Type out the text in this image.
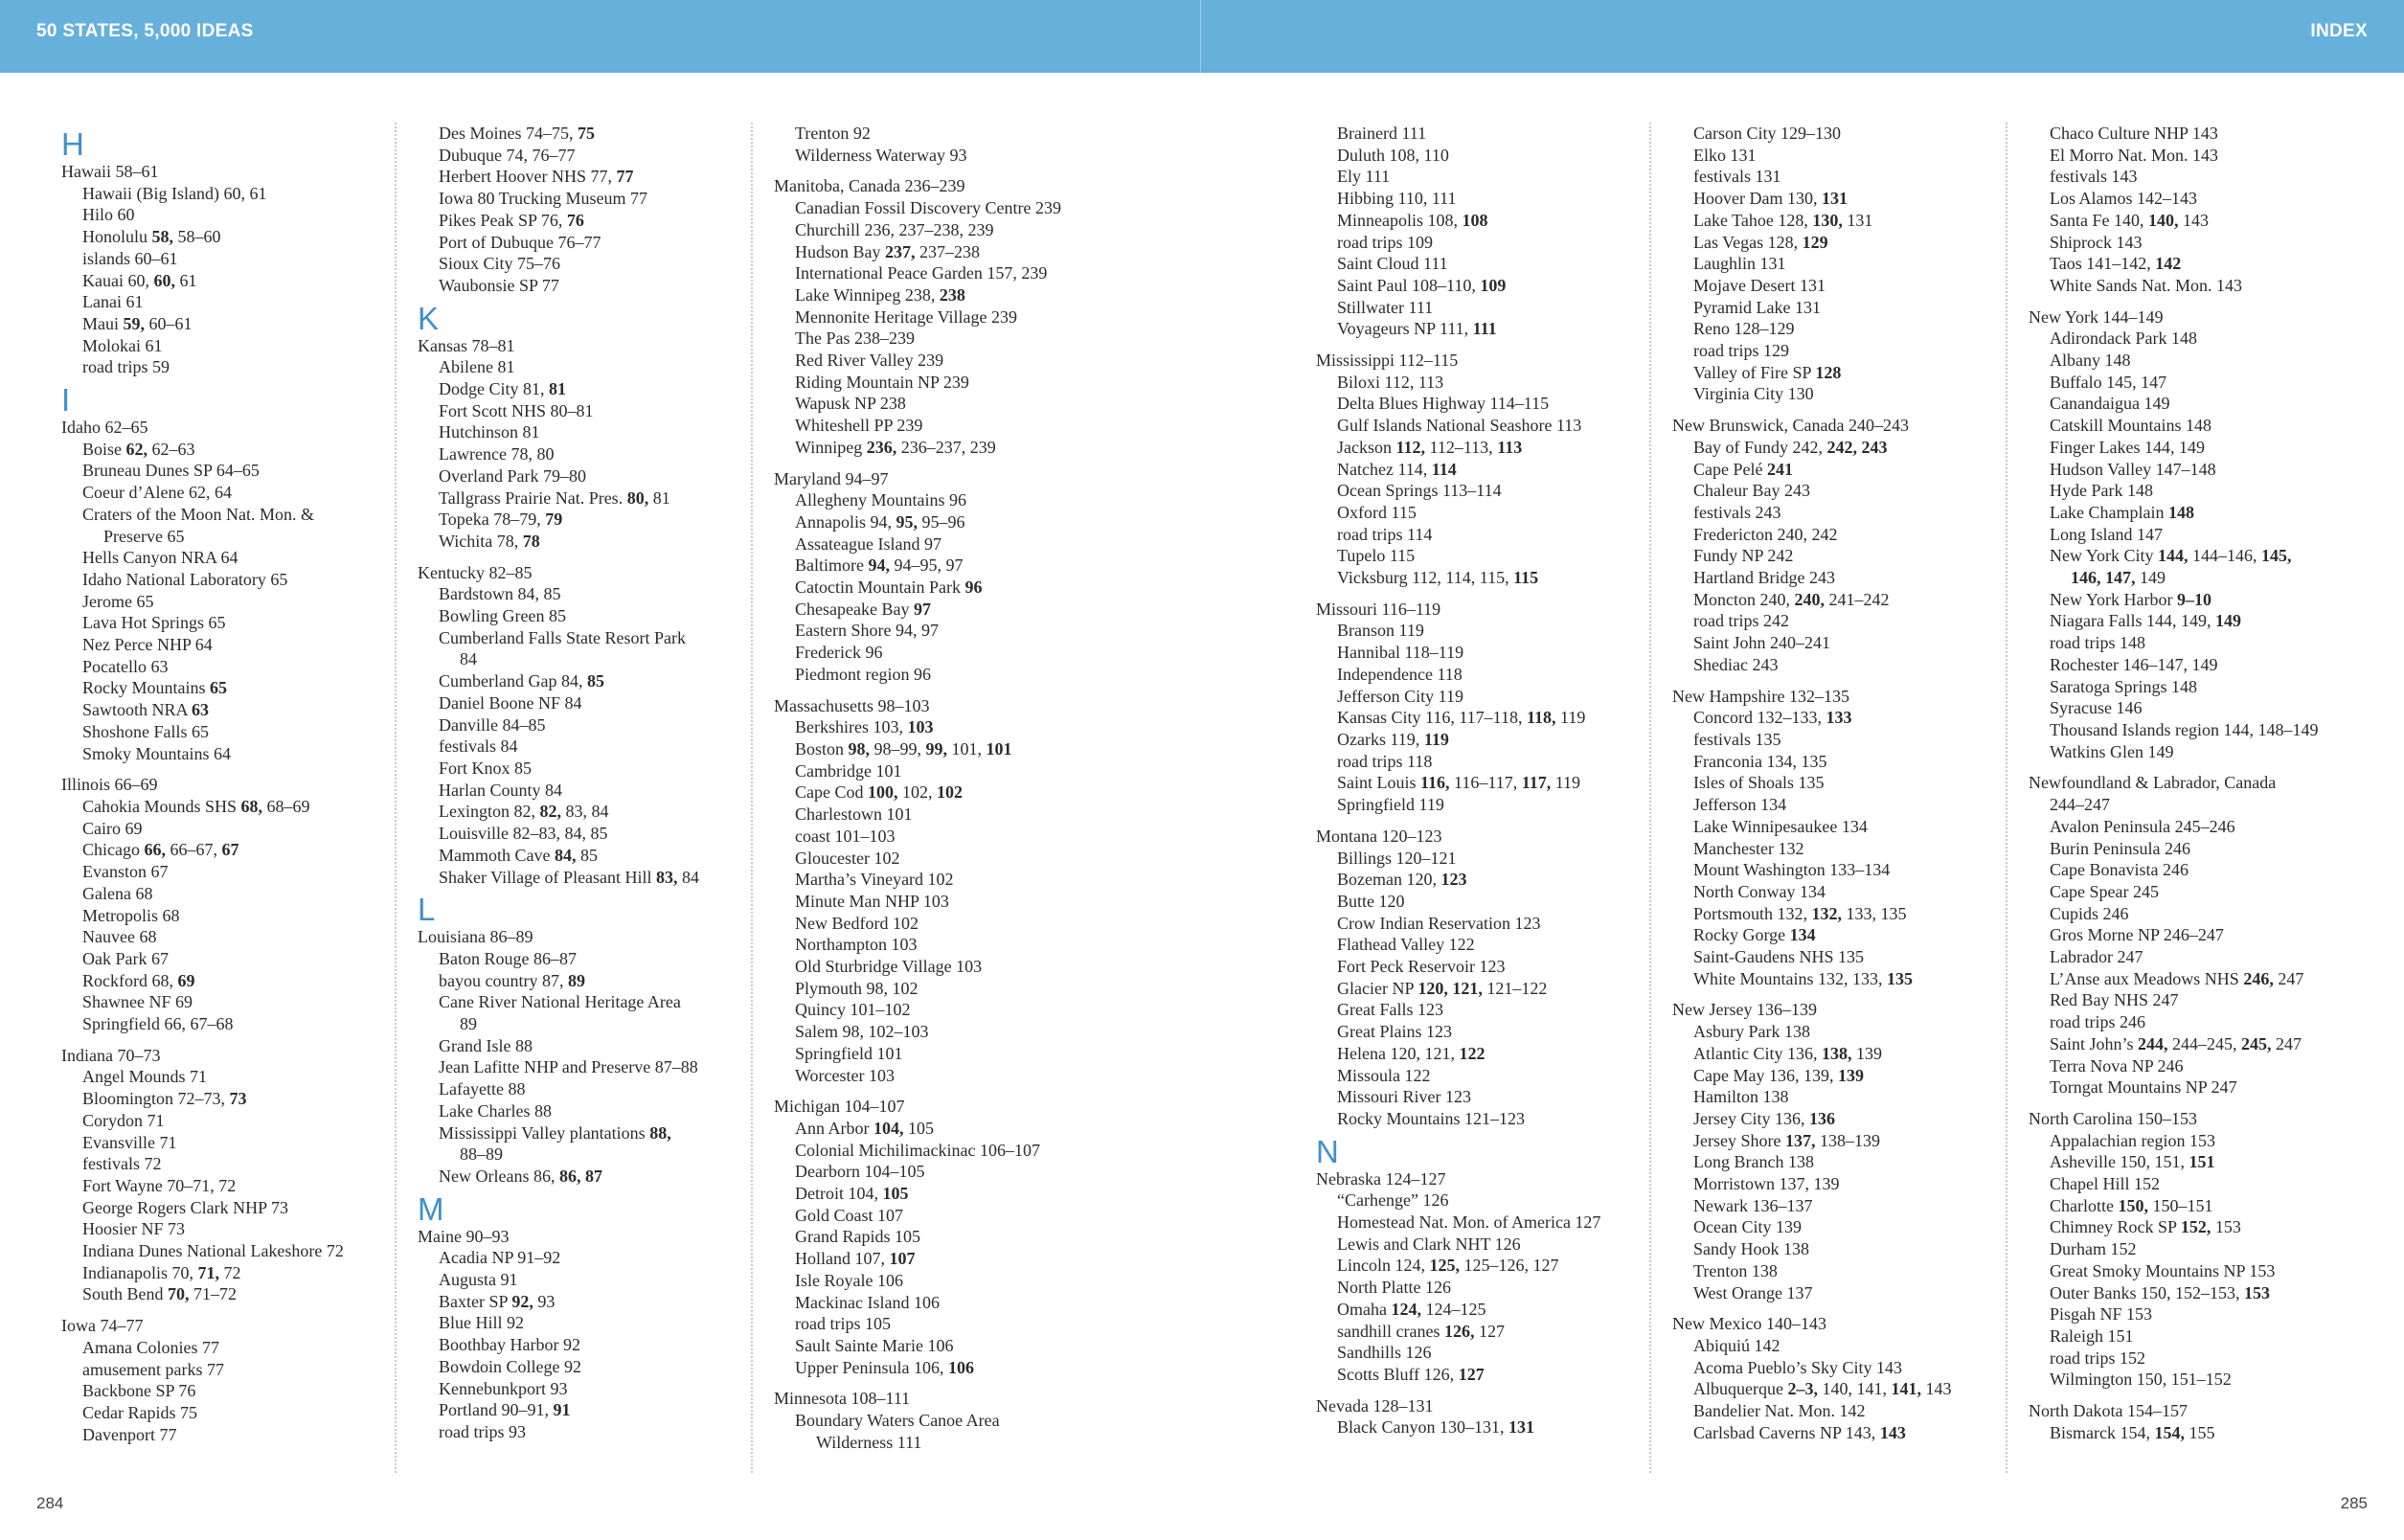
50 STATES, 5,000 IDEAS	INDEX
H
Hawaii 58–61
Hawaii (Big Island) 60, 61
Hilo 60
Honolulu 58, 58–60
islands 60–61
Kauai 60, 60, 61
Lanai 61
Maui 59, 60–61
Molokai 61
road trips 59
I
Idaho 62–65
Boise 62, 62–63
Bruneau Dunes SP 64–65
Coeur d’Alene 62, 64
Craters of the Moon Nat. Mon. &
Preserve 65
Hells Canyon NRA 64
Idaho National Laboratory 65
Jerome 65
Lava Hot Springs 65
Nez Perce NHP 64
Pocatello 63
Rocky Mountains 65
Sawtooth NRA 63
Shoshone Falls 65
Smoky Mountains 64
Illinois 66–69
Cahokia Mounds SHS 68, 68–69
Cairo 69
Chicago 66, 66–67, 67
Evanston 67
Galena 68
Metropolis 68
Nauvee 68
Oak Park 67
Rockford 68, 69
Shawnee NF 69
Springfield 66, 67–68
Indiana 70–73
Angel Mounds 71
Bloomington 72–73, 73
Corydon 71
Evansville 71
festivals 72
Fort Wayne 70–71, 72
George Rogers Clark NHP 73
Hoosier NF 73
Indiana Dunes National Lakeshore 72
Indianapolis 70, 71, 72
South Bend 70, 71–72
Iowa 74–77
Amana Colonies 77
amusement parks 77
Backbone SP 76
Cedar Rapids 75
Davenport 77
Des Moines 74–75, 75
Dubuque 74, 76–77
Herbert Hoover NHS 77, 77
Iowa 80 Trucking Museum 77
Pikes Peak SP 76, 76
Port of Dubuque 76–77
Sioux City 75–76
Waubonsie SP 77
K
Kansas 78–81
Abilene 81
Dodge City 81, 81
Fort Scott NHS 80–81
Hutchinson 81
Lawrence 78, 80
Overland Park 79–80
Tallgrass Prairie Nat. Pres. 80, 81
Topeka 78–79, 79
Wichita 78, 78
Kentucky 82–85
Bardstown 84, 85
Bowling Green 85
Cumberland Falls State Resort Park
84
Cumberland Gap 84, 85
Daniel Boone NF 84
Danville 84–85
festivals 84
Fort Knox 85
Harlan County 84
Lexington 82, 82, 83, 84
Louisville 82–83, 84, 85
Mammoth Cave 84, 85
Shaker Village of Pleasant Hill 83, 84
L
Louisiana 86–89
Baton Rouge 86–87
bayou country 87, 89
Cane River National Heritage Area
89
Grand Isle 88
Jean Lafitte NHP and Preserve 87–88
Lafayette 88
Lake Charles 88
Mississippi Valley plantations 88,
88–89
New Orleans 86, 86, 87
M
Maine 90–93
Acadia NP 91–92
Augusta 91
Baxter SP 92, 93
Blue Hill 92
Boothbay Harbor 92
Bowdoin College 92
Kennebunkport 93
Portland 90–91, 91
road trips 93
Trenton 92
Wilderness Waterway 93
Manitoba, Canada 236–239
Canadian Fossil Discovery Centre 239
Churchill 236, 237–238, 239
Hudson Bay 237, 237–238
International Peace Garden 157, 239
Lake Winnipeg 238, 238
Mennonite Heritage Village 239
The Pas 238–239
Red River Valley 239
Riding Mountain NP 239
Wapusk NP 238
Whiteshell PP 239
Winnipeg 236, 236–237, 239
Maryland 94–97
Allegheny Mountains 96
Annapolis 94, 95, 95–96
Assateague Island 97
Baltimore 94, 94–95, 97
Catoctin Mountain Park 96
Chesapeake Bay 97
Eastern Shore 94, 97
Frederick 96
Piedmont region 96
Massachusetts 98–103
Berkshires 103, 103
Boston 98, 98–99, 99, 101, 101
Cambridge 101
Cape Cod 100, 102, 102
Charlestown 101
coast 101–103
Gloucester 102
Martha’s Vineyard 102
Minute Man NHP 103
New Bedford 102
Northampton 103
Old Sturbridge Village 103
Plymouth 98, 102
Quincy 101–102
Salem 98, 102–103
Springfield 101
Worcester 103
Michigan 104–107
Ann Arbor 104, 105
Colonial Michilimackinac 106–107
Dearborn 104–105
Detroit 104, 105
Gold Coast 107
Grand Rapids 105
Holland 107, 107
Isle Royale 106
Mackinac Island 106
road trips 105
Sault Sainte Marie 106
Upper Peninsula 106, 106
Minnesota 108–111
Boundary Waters Canoe Area
Wilderness 111
Brainerd 111
Duluth 108, 110
Ely 111
Hibbing 110, 111
Minneapolis 108, 108
road trips 109
Saint Cloud 111
Saint Paul 108–110, 109
Stillwater 111
Voyageurs NP 111, 111
Mississippi 112–115
Biloxi 112, 113
Delta Blues Highway 114–115
Gulf Islands National Seashore 113
Jackson 112, 112–113, 113
Natchez 114, 114
Ocean Springs 113–114
Oxford 115
road trips 114
Tupelo 115
Vicksburg 112, 114, 115, 115
Missouri 116–119
Branson 119
Hannibal 118–119
Independence 118
Jefferson City 119
Kansas City 116, 117–118, 118, 119
Ozarks 119, 119
road trips 118
Saint Louis 116, 116–117, 117, 119
Springfield 119
Montana 120–123
Billings 120–121
Bozeman 120, 123
Butte 120
Crow Indian Reservation 123
Flathead Valley 122
Fort Peck Reservoir 123
Glacier NP 120, 121, 121–122
Great Falls 123
Great Plains 123
Helena 120, 121, 122
Missoula 122
Missouri River 123
Rocky Mountains 121–123
N
Nebraska 124–127
“Carhenge” 126
Homestead Nat. Mon. of America 127
Lewis and Clark NHT 126
Lincoln 124, 125, 125–126, 127
North Platte 126
Omaha 124, 124–125
sandhill cranes 126, 127
Sandhills 126
Scotts Bluff 126, 127
Nevada 128–131
Black Canyon 130–131, 131
Carson City 129–130
Elko 131
festivals 131
Hoover Dam 130, 131
Lake Tahoe 128, 130, 131
Las Vegas 128, 129
Laughlin 131
Mojave Desert 131
Pyramid Lake 131
Reno 128–129
road trips 129
Valley of Fire SP 128
Virginia City 130
New Brunswick, Canada 240–243
Bay of Fundy 242, 242, 243
Cape Pelé 241
Chaleur Bay 243
festivals 243
Fredericton 240, 242
Fundy NP 242
Hartland Bridge 243
Moncton 240, 240, 241–242
road trips 242
Saint John 240–241
Shediac 243
New Hampshire 132–135
Concord 132–133, 133
festivals 135
Franconia 134, 135
Isles of Shoals 135
Jefferson 134
Lake Winnipesaukee 134
Manchester 132
Mount Washington 133–134
North Conway 134
Portsmouth 132, 132, 133, 135
Rocky Gorge 134
Saint-Gaudens NHS 135
White Mountains 132, 133, 135
New Jersey 136–139
Asbury Park 138
Atlantic City 136, 138, 139
Cape May 136, 139, 139
Hamilton 138
Jersey City 136, 136
Jersey Shore 137, 138–139
Long Branch 138
Morristown 137, 139
Newark 136–137
Ocean City 139
Sandy Hook 138
Trenton 138
West Orange 137
New Mexico 140–143
Abiquiú 142
Acoma Pueblo’s Sky City 143
Albuquerque 2–3, 140, 141, 141, 143
Bandelier Nat. Mon. 142
Carlsbad Caverns NP 143, 143
Chaco Culture NHP 143
El Morro Nat. Mon. 143
festivals 143
Los Alamos 142–143
Santa Fe 140, 140, 143
Shiprock 143
Taos 141–142, 142
White Sands Nat. Mon. 143
New York 144–149
Adirondack Park 148
Albany 148
Buffalo 145, 147
Canandaigua 149
Catskill Mountains 148
Finger Lakes 144, 149
Hudson Valley 147–148
Hyde Park 148
Lake Champlain 148
Long Island 147
New York City 144, 144–146, 145,
146, 147, 149
New York Harbor 9–10
Niagara Falls 144, 149, 149
road trips 148
Rochester 146–147, 149
Saratoga Springs 148
Syracuse 146
Thousand Islands region 144, 148–149
Watkins Glen 149
Newfoundland & Labrador, Canada
244–247
Avalon Peninsula 245–246
Burin Peninsula 246
Cape Bonavista 246
Cape Spear 245
Cupids 246
Gros Morne NP 246–247
Labrador 247
L’Anse aux Meadows NHS 246, 247
Red Bay NHS 247
road trips 246
Saint John’s 244, 244–245, 245, 247
Terra Nova NP 246
Torngat Mountains NP 247
North Carolina 150–153
Appalachian region 153
Asheville 150, 151, 151
Chapel Hill 152
Charlotte 150, 150–151
Chimney Rock SP 152, 153
Durham 152
Great Smoky Mountains NP 153
Outer Banks 150, 152–153, 153
Pisgah NF 153
Raleigh 151
road trips 152
Wilmington 150, 151–152
North Dakota 154–157
Bismarck 154, 154, 155
284	285
